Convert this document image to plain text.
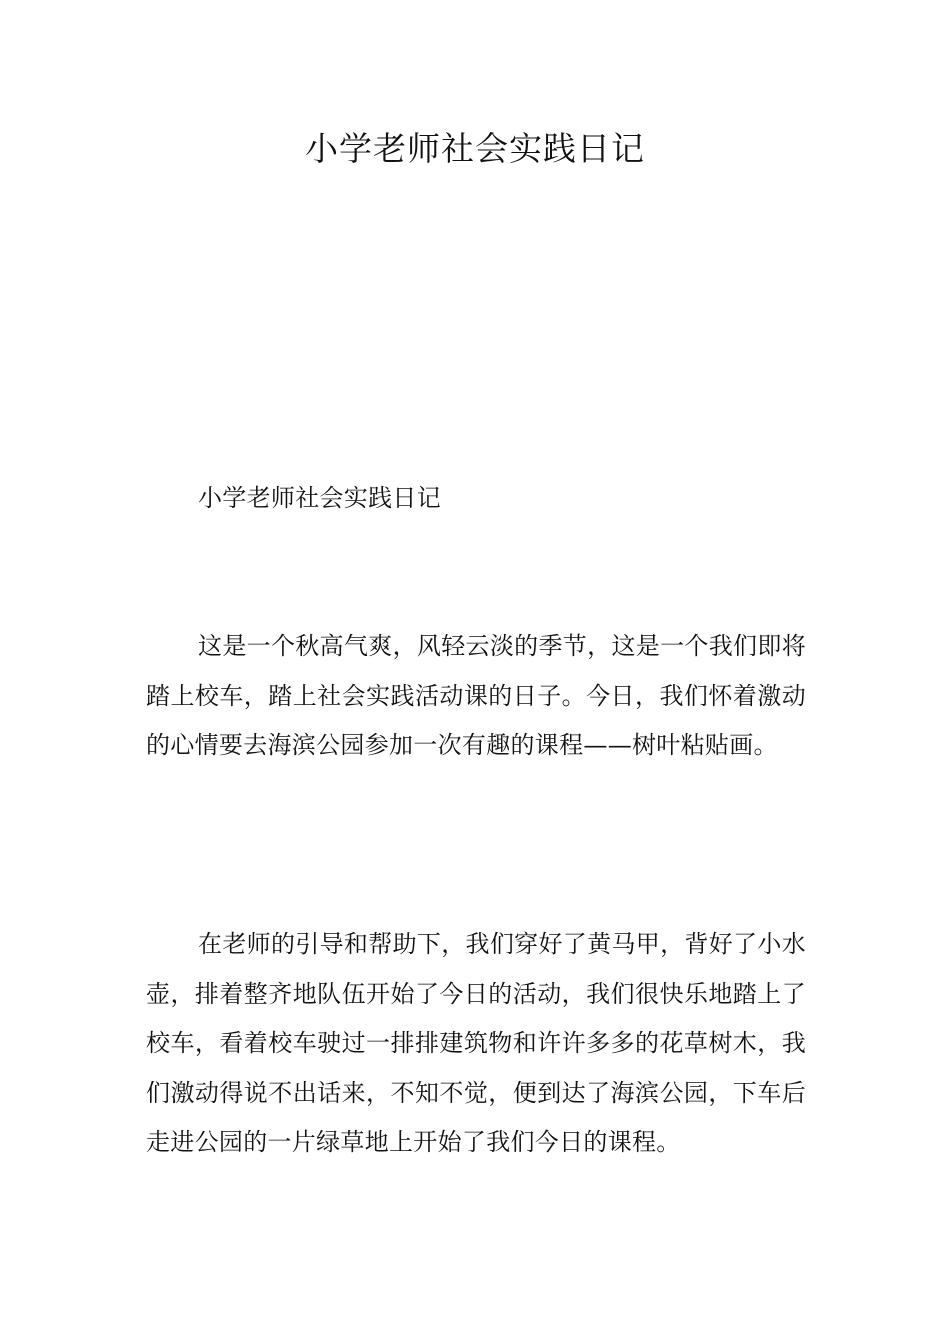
小学老师社会实践日记

小学老师社会实践日记

这是一个秋高气爽，风轻云淡的季节，这是一个我们即将踏上校车，踏上社会实践活动课的日子。今日，我们怀着激动的心情要去海滨公园参加一次有趣的课程——树叶粘贴画。

在老师的引导和帮助下，我们穿好了黄马甲，背好了小水壶，排着整齐地队伍开始了今日的活动，我们很快乐地踏上了校车，看着校车驶过一排排建筑物和许许多多的花草树木，我们激动得说不出话来，不知不觉，便到达了海滨公园，下车后走进公园的一片绿草地上开始了我们今日的课程。
